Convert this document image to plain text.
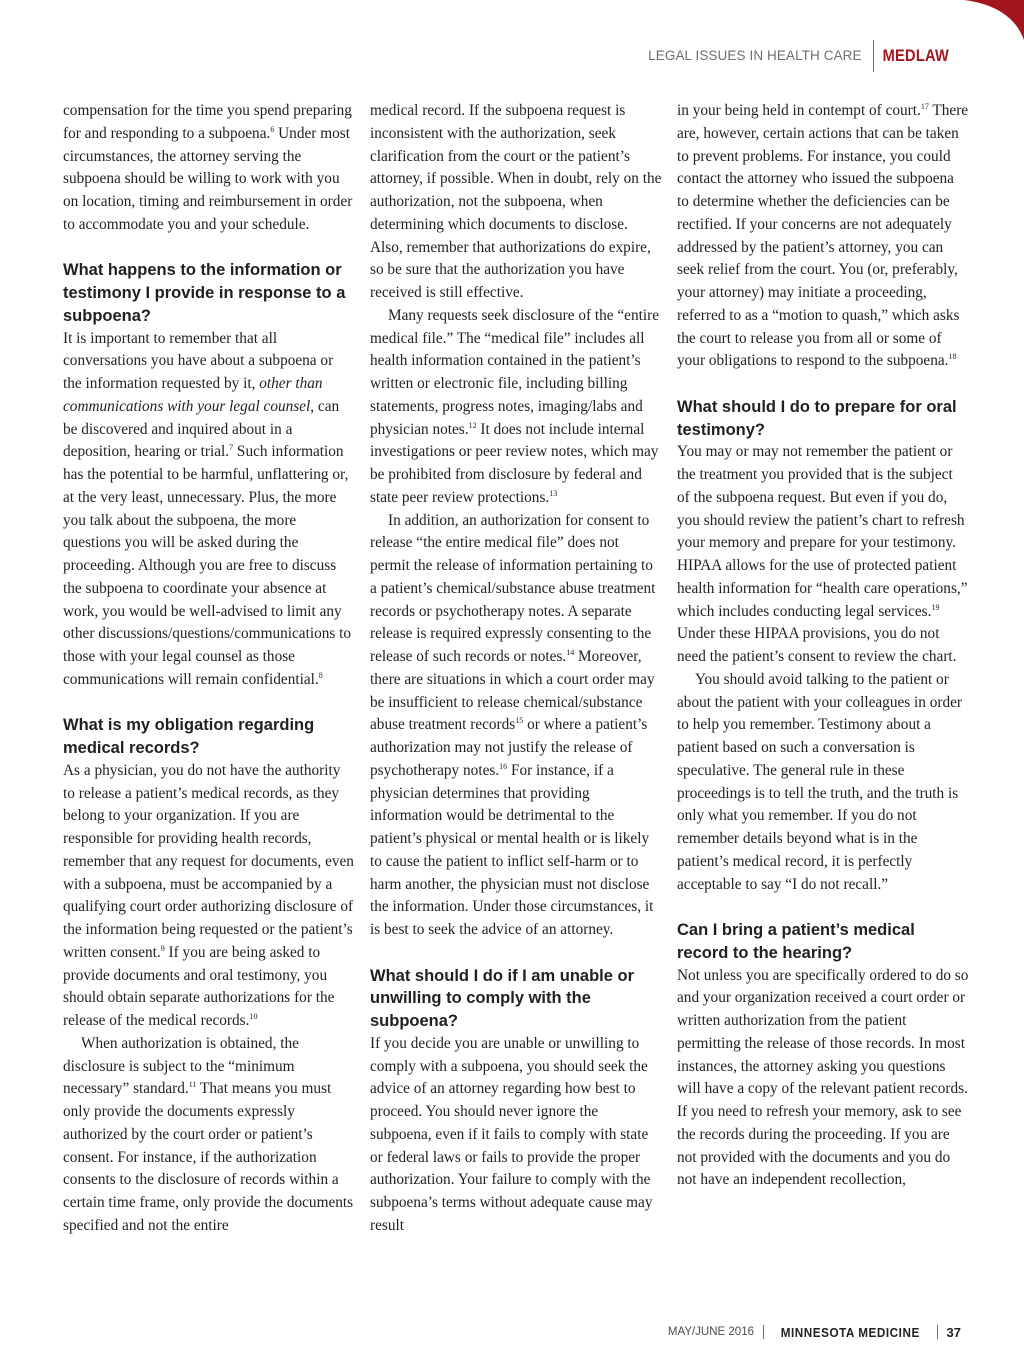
LEGAL ISSUES IN HEALTH CARE	MEDLAW

compensation for the time you spend preparing for and responding to a subpoena.$^6$ Under most circumstances, the attorney serving the subpoena should be willing to work with you on location, timing and reimbursement in order to accommodate you and your schedule.

What happens to the information or testimony I provide in response to a subpoena?

It is important to remember that all conversations you have about a subpoena or the information requested by it, other than communications with your legal counsel, can be discovered and inquired about in a deposition, hearing or trial.$^7$ Such information has the potential to be harmful, unflattering or, at the very least, unnecessary. Plus, the more you talk about the subpoena, the more questions you will be asked during the proceeding. Although you are free to discuss the subpoena to coordinate your absence at work, you would be well-advised to limit any other discussions/questions/communications to those with your legal counsel as those communications will remain confidential.$^8$

What is my obligation regarding medical records?

As a physician, you do not have the authority to release a patient’s medical records, as they belong to your organization. If you are responsible for providing health records, remember that any request for documents, even with a subpoena, must be accompanied by a qualifying court order authorizing disclosure of the information being requested or the patient’s written consent.$^9$ If you are being asked to provide documents and oral testimony, you should obtain separate authorizations for the release of the medical records.$^{10}$

When authorization is obtained, the disclosure is subject to the “minimum necessary” standard.$^{11}$ That means you must only provide the documents expressly authorized by the court order or patient’s consent. For instance, if the authorization consents to the disclosure of records within a certain time frame, only provide the documents specified and not the entire

medical record. If the subpoena request is inconsistent with the authorization, seek clarification from the court or the patient’s attorney, if possible. When in doubt, rely on the authorization, not the subpoena, when determining which documents to disclose. Also, remember that authorizations do expire, so be sure that the authorization you have received is still effective.

Many requests seek disclosure of the “entire medical file.” The “medical file” includes all health information contained in the patient’s written or electronic file, including billing statements, progress notes, imaging/labs and physician notes.$^{12}$ It does not include internal investigations or peer review notes, which may be prohibited from disclosure by federal and state peer review protections.$^{13}$

In addition, an authorization for consent to release “the entire medical file” does not permit the release of information pertaining to a patient’s chemical/substance abuse treatment records or psychotherapy notes. A separate release is required expressly consenting to the release of such records or notes.$^{14}$ Moreover, there are situations in which a court order may be insufficient to release chemical/substance abuse treatment records$^{15}$ or where a patient’s authorization may not justify the release of psychotherapy notes.$^{16}$ For instance, if a physician determines that providing information would be detrimental to the patient’s physical or mental health or is likely to cause the patient to inflict self-harm or to harm another, the physician must not disclose the information. Under those circumstances, it is best to seek the advice of an attorney.

What should I do if I am unable or unwilling to comply with the subpoena?

If you decide you are unable or unwilling to comply with a subpoena, you should seek the advice of an attorney regarding how best to proceed. You should never ignore the subpoena, even if it fails to comply with state or federal laws or fails to provide the proper authorization. Your failure to comply with the subpoena’s terms without adequate cause may result

in your being held in contempt of court.$^{17}$ There are, however, certain actions that can be taken to prevent problems. For instance, you could contact the attorney who issued the subpoena to determine whether the deficiencies can be rectified. If your concerns are not adequately addressed by the patient’s attorney, you can seek relief from the court. You (or, preferably, your attorney) may initiate a proceeding, referred to as a “motion to quash,” which asks the court to release you from all or some of your obligations to respond to the subpoena.$^{18}$

What should I do to prepare for oral testimony?

You may or may not remember the patient or the treatment you provided that is the subject of the subpoena request. But even if you do, you should review the patient’s chart to refresh your memory and prepare for your testimony. HIPAA allows for the use of protected patient health information for “health care operations,” which includes conducting legal services.$^{19}$ Under these HIPAA provisions, you do not need the patient’s consent to review the chart.

You should avoid talking to the patient or about the patient with your colleagues in order to help you remember. Testimony about a patient based on such a conversation is speculative. The general rule in these proceedings is to tell the truth, and the truth is only what you remember. If you do not remember details beyond what is in the patient’s medical record, it is perfectly acceptable to say “I do not recall.”

Can I bring a patient’s medical record to the hearing?

Not unless you are specifically ordered to do so and your organization received a court order or written authorization from the patient permitting the release of those records. In most instances, the attorney asking you questions will have a copy of the relevant patient records. If you need to refresh your memory, ask to see the records during the proceeding. If you are not provided with the documents and you do not have an independent recollection,

MAY/JUNE 2016 MINNESOTA MEDICINE 37
